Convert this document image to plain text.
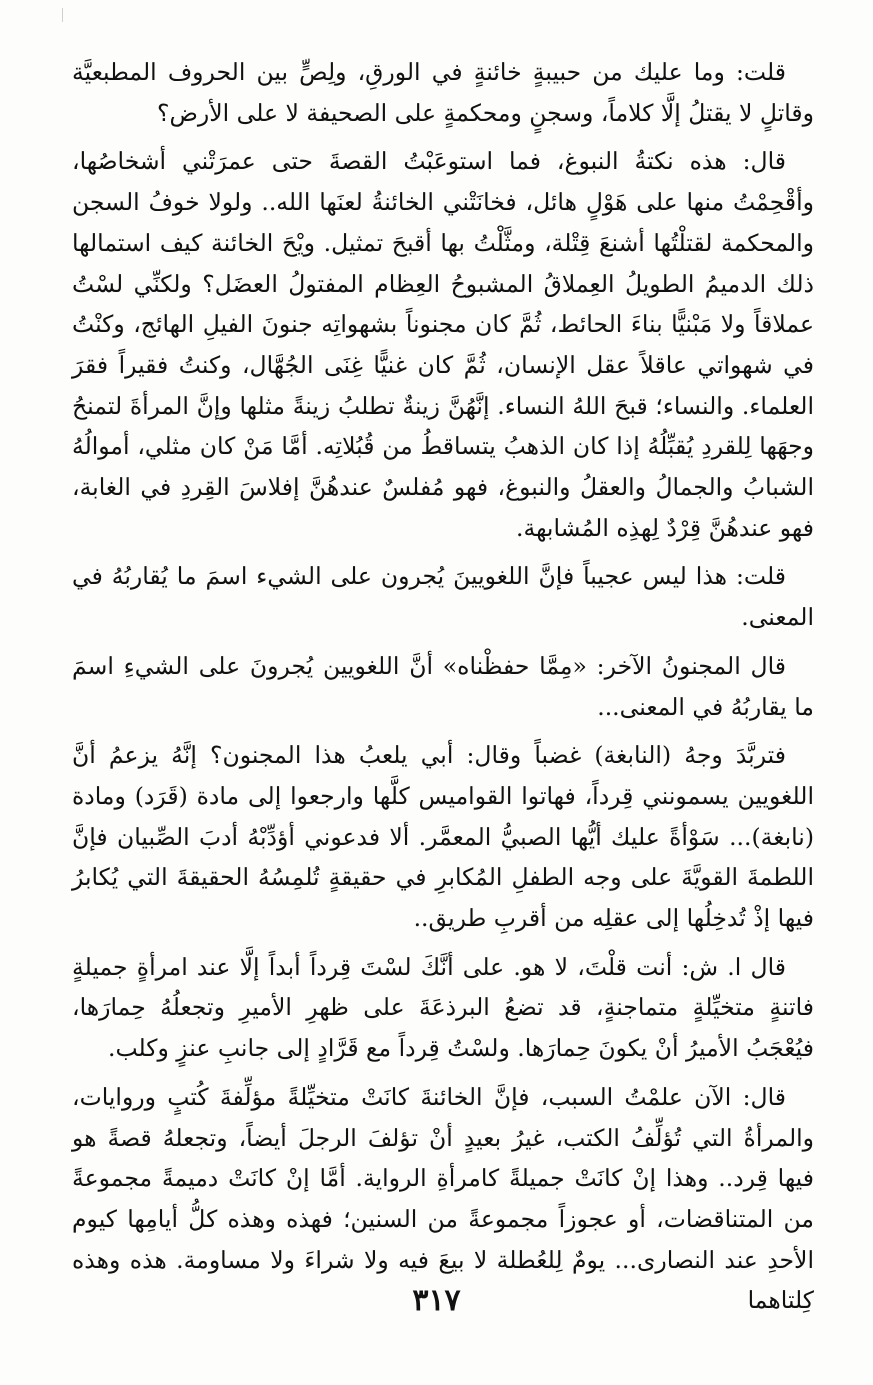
قلت: وما عليك من حبيبةٍ خائنةٍ في الورقِ، ولِصٍّ بين الحروف المطبعيَّة وقاتلٍ لا يقتلُ إلَّا كلاماً، وسجنٍ ومحكمةٍ على الصحيفة لا على الأرض؟

قال: هذه نكتةُ النبوغ، فما استوعَبْتُ القصةَ حتى عمرَتْني أشخاصُها، وأقْحِمْتُ منها على هَوْلٍ هائل، فخانَتْني الخائنةُ لعنَها الله.. ولولا خوفُ السجن والمحكمة لقتلْتُها أشنعَ قِتْلة، ومثَّلْتُ بها أقبحَ تمثيل. ويْحَ الخائنة كيف استمالها ذلك الدميمُ الطويلُ العِملاقُ المشبوحُ العِظام المفتولُ العضَل؟ ولكنِّي لسْتُ عملاقاً ولا مَبْنيًّا بناءَ الحائط، ثُمَّ كان مجنوناً بشهواتِه جنونَ الفيلِ الهائج، وكنْتُ في شهواتي عاقلاً عقل الإنسان، ثُمَّ كان غنيًّا غِنَى الجُهَّال، وكنتُ فقيراً فقرَ العلماء. والنساء؛ قبحَ اللهُ النساء. إنَّهُنَّ زينةٌ تطلبُ زينةً مثلها وإنَّ المرأةَ لتمنحُ وجهَها لِلقردِ يُقبِّلُهُ إذا كان الذهبُ يتساقطُ من قُبُلاتِه. أمَّا مَنْ كان مثلي، أموالُهُ الشبابُ والجمالُ والعقلُ والنبوغ، فهو مُفلسٌ عندهُنَّ إفلاسَ القِردِ في الغابة، فهو عندهُنَّ قِرْدٌ لِهذِه المُشابهة.

قلت: هذا ليس عجيباً فإنَّ اللغويينَ يُجرون على الشيء اسمَ ما يُقاربُهُ في المعنى.

قال المجنونُ الآخر: «مِمَّا حفظْناه» أنَّ اللغويين يُجرونَ على الشيءِ اسمَ ما يقاربُهُ في المعنى...

فتربَّدَ وجهُ (النابغة) غضباً وقال: أبي يلعبُ هذا المجنون؟ إنَّهُ يزعمُ أنَّ اللغويين يسمونني قِرداً، فهاتوا القواميس كلَّها وارجعوا إلى مادة (قَرَد) ومادة (نابغة)... سَوْأةً عليك أيُّها الصبيُّ المعمَّر. ألا فدعوني أؤدِّبْهُ أدبَ الصِّبيان فإنَّ اللطمةَ القويَّةَ على وجه الطفلِ المُكابرِ في حقيقةٍ تُلمِسُهُ الحقيقةَ التي يُكابرُ فيها إذْ تُدخِلُها إلى عقلِه من أقربِ طريق..

قال ا. ش: أنت قلْتَ، لا هو. على أنَّكَ لسْتَ قِرداً أبداً إلَّا عند امرأةٍ جميلةٍ فاتنةٍ متخيِّلةٍ متماجنةٍ، قد تضعُ البرذعَةَ على ظهرِ الأميرِ وتجعلُهُ حِمارَها، فيُعْجَبُ الأميرُ أنْ يكونَ حِمارَها. ولسْتُ قِرداً مع قَرَّادٍ إلى جانبِ عنزٍ وكلب.

قال: الآن علمْتُ السبب، فإنَّ الخائنةَ كانَتْ متخيِّلةً مؤلِّفةَ كُتبٍ وروايات، والمرأةُ التي تُؤلِّفُ الكتب، غيرُ بعيدٍ أنْ تؤلفَ الرجلَ أيضاً، وتجعلهُ قصةً هو فيها قِرد.. وهذا إنْ كانَتْ جميلةً كامرأةِ الرواية. أمَّا إنْ كانَتْ دميمةً مجموعةً من المتناقضات، أو عجوزاً مجموعةً من السنين؛ فهذه وهذه كلُّ أيامِها كيوم الأحدِ عند النصارى... يومٌ لِلعُطلة لا بيعَ فيه ولا شراءَ ولا مساومة. هذه وهذه كِلتاهما

٣١٧
